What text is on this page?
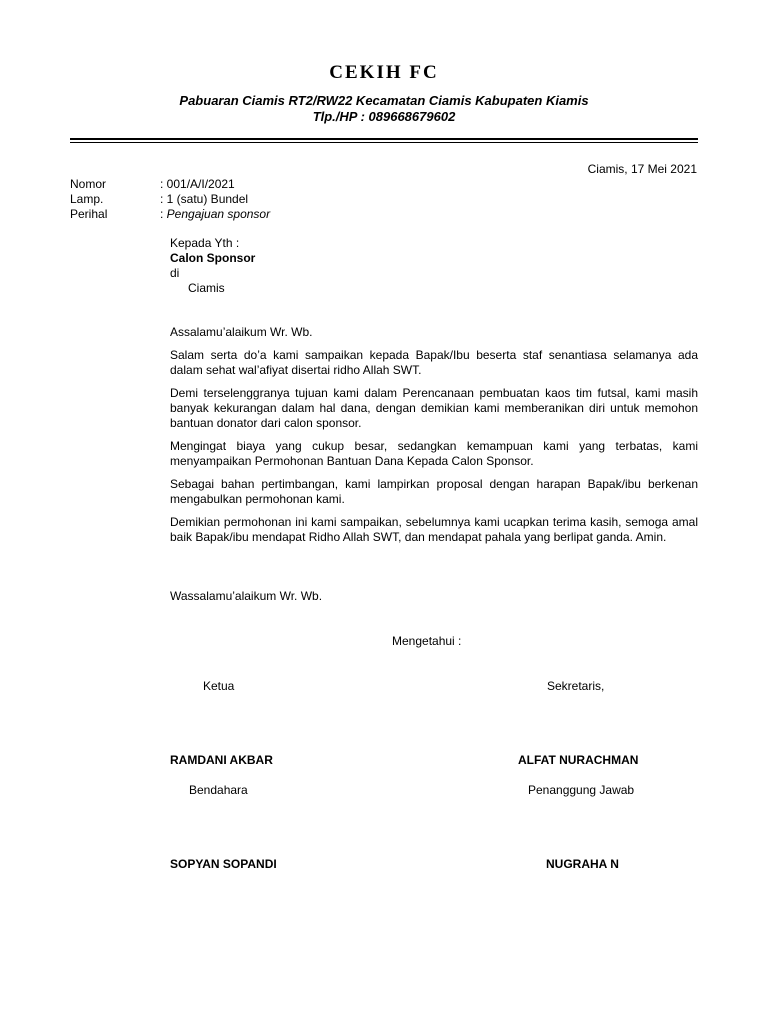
CEKIH FC
Pabuaran Ciamis RT2/RW22 Kecamatan Ciamis Kabupaten Kiamis
Tlp./HP : 089668679602
Ciamis, 17 Mei 2021
Nomor	: 001/A/I/2021
Lamp.	: 1 (satu) Bundel
Perihal	: Pengajuan sponsor
Kepada Yth :
Calon Sponsor
di
Ciamis
Assalamu’alaikum Wr. Wb.
Salam serta do’a kami sampaikan kepada Bapak/Ibu beserta staf senantiasa selamanya ada dalam sehat wal’afiyat disertai ridho Allah SWT.
Demi terselenggranya tujuan kami dalam Perencanaan pembuatan kaos tim futsal, kami masih banyak kekurangan dalam hal dana, dengan demikian kami memberanikan diri untuk memohon bantuan donator dari calon sponsor.
Mengingat biaya yang cukup besar, sedangkan kemampuan kami yang terbatas, kami menyampaikan Permohonan Bantuan Dana Kepada Calon Sponsor.
Sebagai bahan pertimbangan, kami lampirkan proposal dengan harapan Bapak/ibu berkenan mengabulkan permohonan kami.
Demikian permohonan ini kami sampaikan, sebelumnya kami ucapkan terima kasih, semoga amal baik Bapak/ibu mendapat Ridho Allah SWT, dan mendapat pahala yang berlipat ganda. Amin.
Wassalamu’alaikum Wr. Wb.
Mengetahui :
Ketua	Sekretaris,
RAMDANI AKBAR	ALFAT NURACHMAN
Bendahara	Penanggung Jawab
SOPYAN SOPANDI	NUGRAHA N
